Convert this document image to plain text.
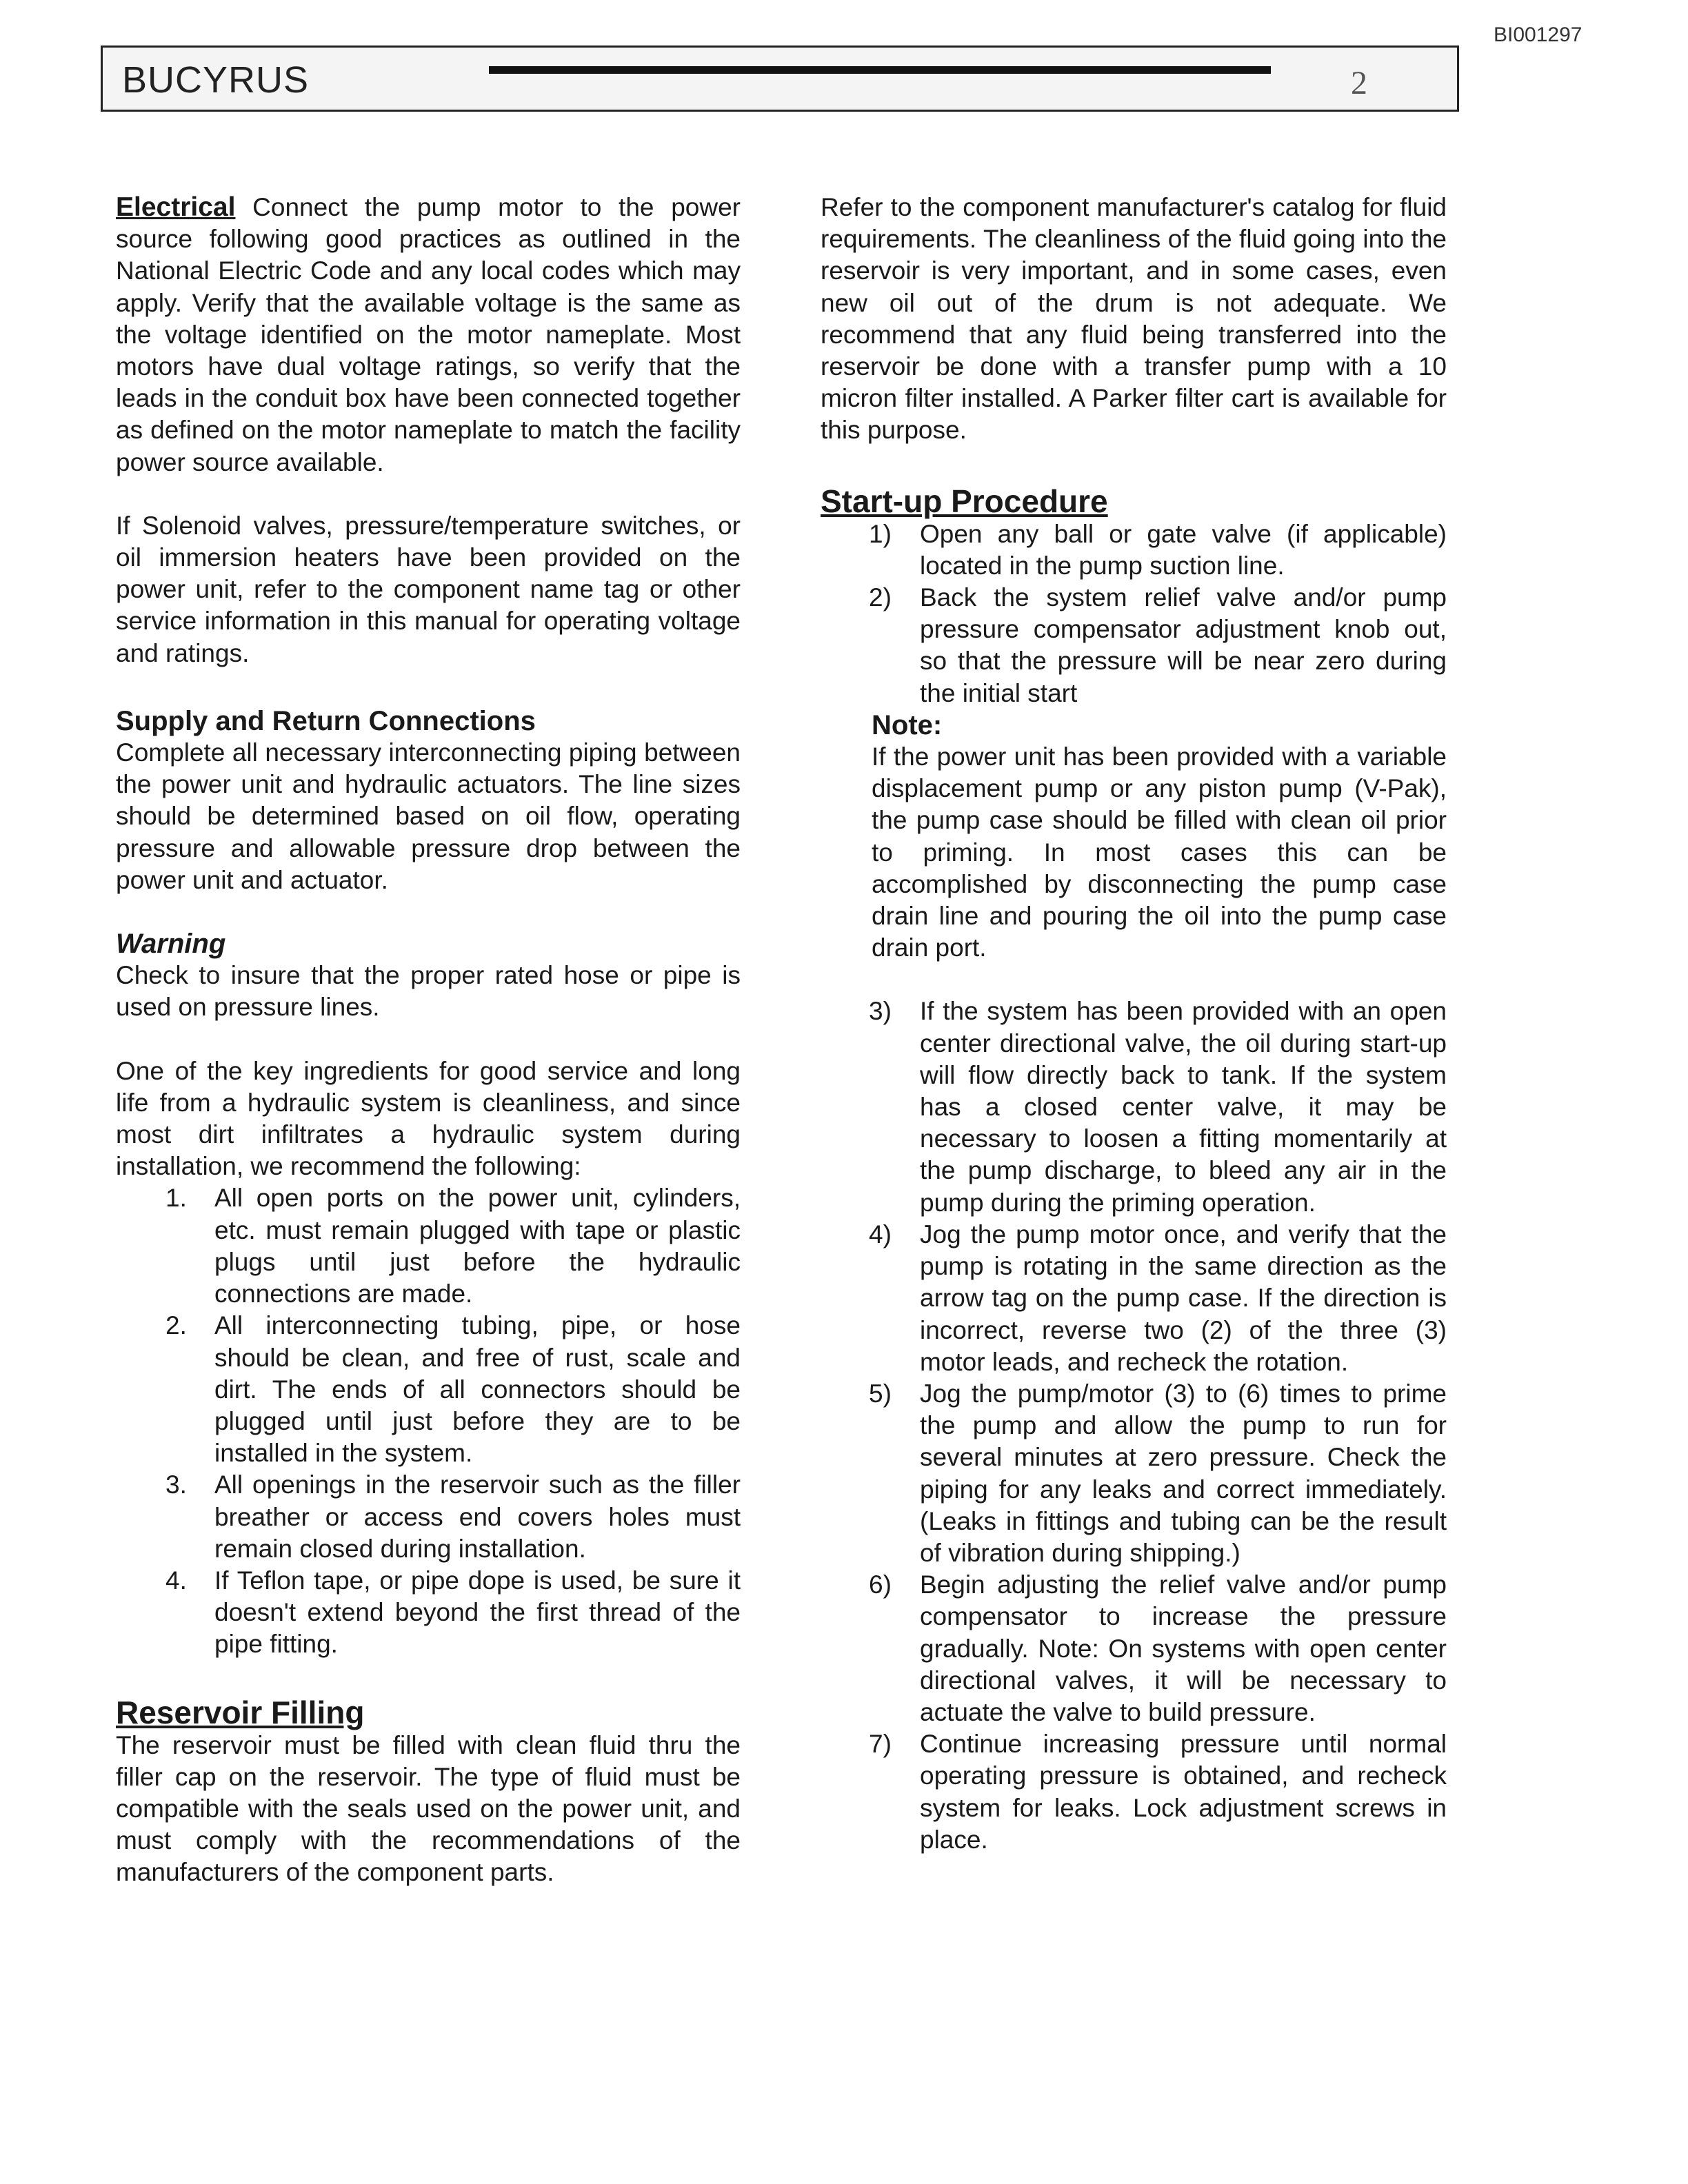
BI001297
BUCYRUS	2

Electrical Connect the pump motor to the power source following good practices as outlined in the National Electric Code and any local codes which may apply. Verify that the available voltage is the same as the voltage identified on the motor nameplate. Most motors have dual voltage ratings, so verify that the leads in the conduit box have been connected together as defined on the motor nameplate to match the facility power source available.

If Solenoid valves, pressure/temperature switches, or oil immersion heaters have been provided on the power unit, refer to the component name tag or other service information in this manual for operating voltage and ratings.

Supply and Return Connections

Complete all necessary interconnecting piping between the power unit and hydraulic actuators. The line sizes should be determined based on oil flow, operating pressure and allowable pressure drop between the power unit and actuator.

Warning

Check to insure that the proper rated hose or pipe is used on pressure lines.

One of the key ingredients for good service and long life from a hydraulic system is cleanliness, and since most dirt infiltrates a hydraulic system during installation, we recommend the following:

1. All open ports on the power unit, cylinders, etc. must remain plugged with tape or plastic plugs until just before the hydraulic connections are made.
2. All interconnecting tubing, pipe, or hose should be clean, and free of rust, scale and dirt. The ends of all connectors should be plugged until just before they are to be installed in the system.
3. All openings in the reservoir such as the filler breather or access end covers holes must remain closed during installation.
4. If Teflon tape, or pipe dope is used, be sure it doesn't extend beyond the first thread of the pipe fitting.
Reservoir Filling

The reservoir must be filled with clean fluid thru the filler cap on the reservoir. The type of fluid must be compatible with the seals used on the power unit, and must comply with the recommendations of the manufacturers of the component parts.

Refer to the component manufacturer's catalog for fluid requirements. The cleanliness of the fluid going into the reservoir is very important, and in some cases, even new oil out of the drum is not adequate. We recommend that any fluid being transferred into the reservoir be done with a transfer pump with a 10 micron filter installed. A Parker filter cart is available for this purpose.

Start-up Procedure
1) Open any ball or gate valve (if applicable) located in the pump suction line.
2) Back the system relief valve and/or pump pressure compensator adjustment knob out, so that the pressure will be near zero during the initial start
Note:

If the power unit has been provided with a variable displacement pump or any piston pump (V-Pak), the pump case should be filled with clean oil prior to priming. In most cases this can be accomplished by disconnecting the pump case drain line and pouring the oil into the pump case drain port.

3) If the system has been provided with an open center directional valve, the oil during start-up will flow directly back to tank. If the system has a closed center valve, it may be necessary to loosen a fitting momentarily at the pump discharge, to bleed any air in the pump during the priming operation.
4) Jog the pump motor once, and verify that the pump is rotating in the same direction as the arrow tag on the pump case. If the direction is incorrect, reverse two (2) of the three (3) motor leads, and recheck the rotation.
5) Jog the pump/motor (3) to (6) times to prime the pump and allow the pump to run for several minutes at zero pressure. Check the piping for any leaks and correct immediately. (Leaks in fittings and tubing can be the result of vibration during shipping.)
6) Begin adjusting the relief valve and/or pump compensator to increase the pressure gradually. Note: On systems with open center directional valves, it will be necessary to actuate the valve to build pressure.
7) Continue increasing pressure until normal operating pressure is obtained, and recheck system for leaks. Lock adjustment screws in place.
